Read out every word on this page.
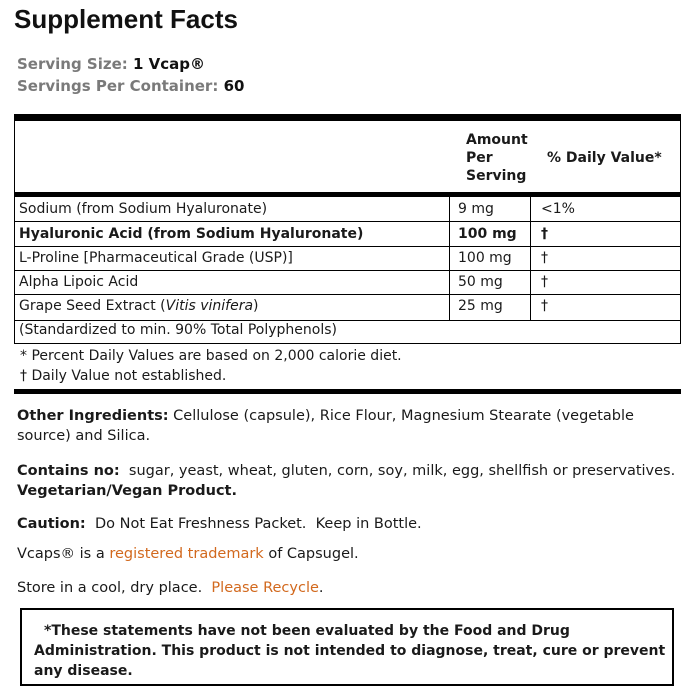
Supplement Facts
Serving Size: 1 Vcap®
Servings Per Container: 60
Amount
Per
Serving
% Daily Value*
Sodium (from Sodium Hyaluronate)	9 mg	<1%
Hyaluronic Acid (from Sodium Hyaluronate)	100 mg †
L-Proline [Pharmaceutical Grade (USP)]	100 mg †
Alpha Lipoic Acid	50 mg	†
Grape Seed Extract (Vitis vinifera)	25 mg	†
(Standardized to min. 90% Total Polyphenols)
* Percent Daily Values are based on 2,000 calorie diet.
† Daily Value not established.
Other Ingredients: Cellulose (capsule), Rice Flour, Magnesium Stearate (vegetable source) and Silica.
Contains no:  sugar, yeast, wheat, gluten, corn, soy, milk, egg, shellfish or preservatives.  Vegetarian/Vegan Product.
Caution:  Do Not Eat Freshness Packet.  Keep in Bottle.
Vcaps® is a registered trademark of Capsugel.
Store in a cool, dry place.  Please Recycle.

*These statements have not been evaluated by the Food and Drug Administration. This product is not intended to diagnose, treat, cure or prevent any disease.
